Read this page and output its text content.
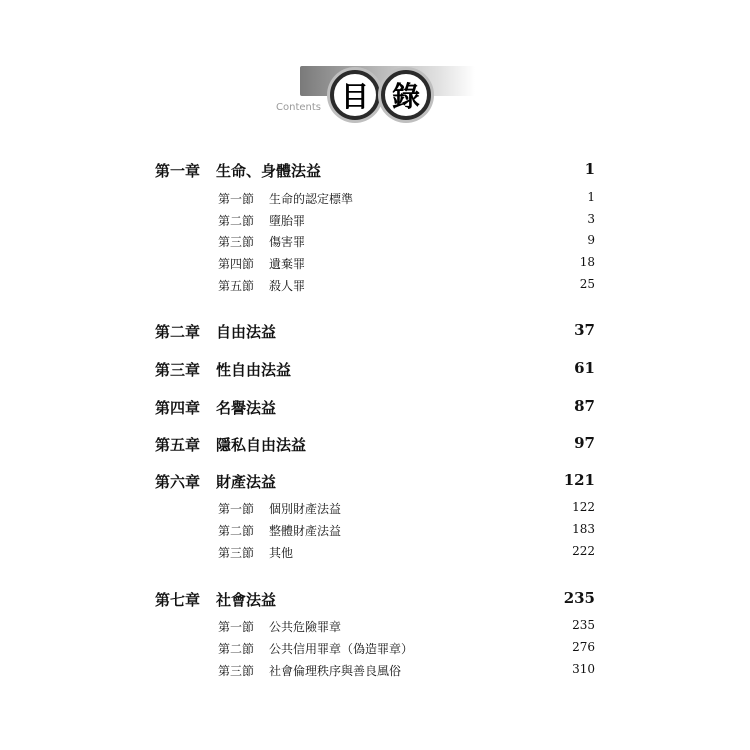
目 錄
Contents
第一章 生命、身體法益	1
第一節 生命的認定標準	1
第二節 墮胎罪	3
第三節 傷害罪	9
第四節 遺棄罪	18
第五節 殺人罪	25
第二章 自由法益	37
第三章 性自由法益	61
第四章 名譽法益	87
第五章 隱私自由法益	97
第六章 財產法益	121
第一節 個別財產法益	122
第二節 整體財產法益	183
第三節 其他	222
第七章 社會法益	235
第一節 公共危險罪章	235
第二節 公共信用罪章（偽造罪章）	276
第三節 社會倫理秩序與善良風俗	310
